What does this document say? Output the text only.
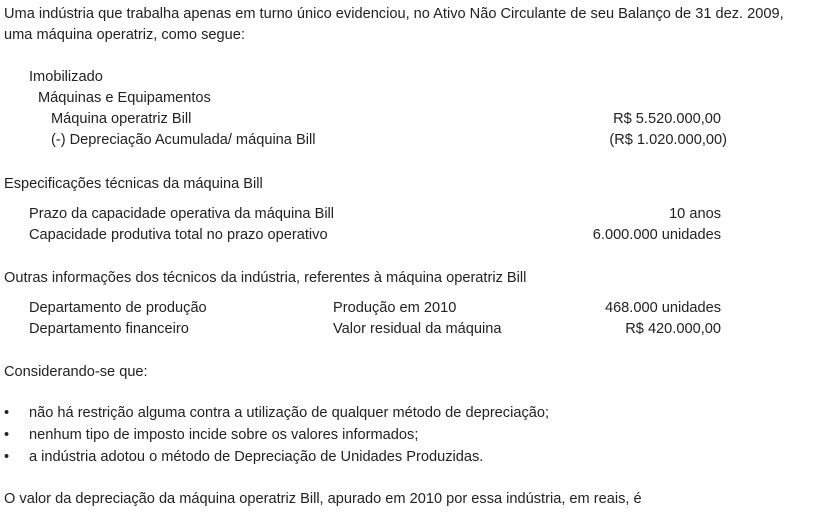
Uma indústria que trabalha apenas em turno único evidenciou, no Ativo Não Circulante de seu Balanço de 31 dez. 2009,
uma máquina operatriz, como segue:
Imobilizado
Máquinas e Equipamentos
Máquina operatriz Bill	R$ 5.520.000,00
(-) Depreciação Acumulada/ máquina Bill	(R$ 1.020.000,00)
Especificações técnicas da máquina Bill
Prazo da capacidade operativa da máquina Bill	10 anos
Capacidade produtiva total no prazo operativo	6.000.000 unidades
Outras informações dos técnicos da indústria, referentes à máquina operatriz Bill
Departamento de produção	Produção em 2010	468.000 unidades
Departamento financeiro	Valor residual da máquina	R$ 420.000,00
Considerando-se que:
• não há restrição alguma contra a utilização de qualquer método de depreciação;
• nenhum tipo de imposto incide sobre os valores informados;
• a indústria adotou o método de Depreciação de Unidades Produzidas.
O valor da depreciação da máquina operatriz Bill, apurado em 2010 por essa indústria, em reais, é
